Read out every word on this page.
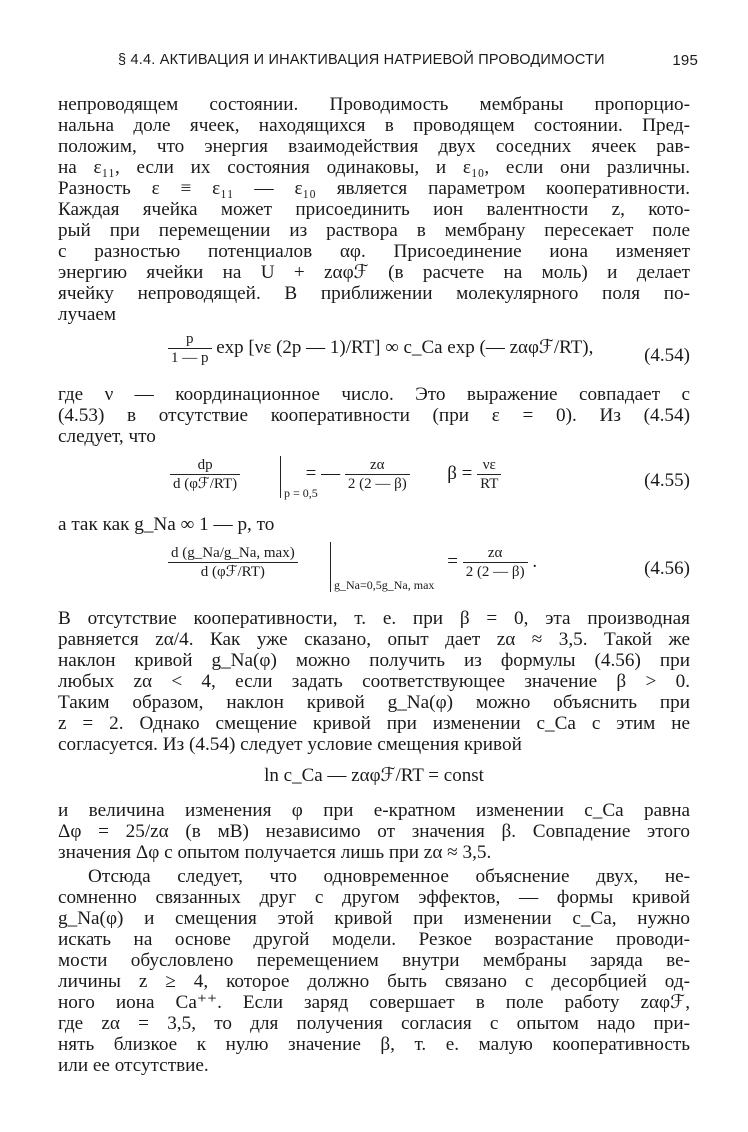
§ 4.4. АКТИВАЦИЯ И ИНАКТИВАЦИЯ НАТРИЕВОЙ ПРОВОДИМОСТИ	195
непроводящем состоянии. Проводимость мембраны пропорцио-
нальна доле ячеек, находящихся в проводящем состоянии. Пред-
положим, что энергия взаимодействия двух соседних ячеек рав-
на ε₁₁, если их состояния одинаковы, и ε₁₀, если они различны.
Разность ε ≡ ε₁₁ — ε₁₀ является параметром кооперативности.
Каждая ячейка может присоединить ион валентности z, кото-
рый при перемещении из раствора в мембрану пересекает поле
с разностью потенциалов αφ. Присоединение иона изменяет
энергию ячейки на U + zαφℱ (в расчете на моль) и делает
ячейку непроводящей. В приближении молекулярного поля по-
лучаем
$\frac{p}{1 — p}$ exp [νε (2p — 1)/RT] ∞ c_Ca exp (— zαφℱ/RT),	(4.54)
где ν — координационное число. Это выражение совпадает с
(4.53) в отсутствие кооперативности (при ε = 0). Из (4.54)
следует, что
$\frac{dp}{\text{d (φℱ/RT)}}$	= — $\frac{z\alpha}{2 (2 — \beta)}$ $\beta = \frac{\nu\varepsilon}{RT}$
p = 0,5
(4.55)
а так как g_Na ∞ 1 — p, то
$\frac{d (g\_Na/g\_Na, \max)}{\text{d (φℱ/RT)}}$	= $\frac{z\alpha}{2 (2 — \beta)}$ .
g_Na=0,5g_Na, max
(4.56)
В отсутствие кооперативности, т. е. при β = 0, эта производная
равняется zα/4. Как уже сказано, опыт дает zα ≈ 3,5. Такой же
наклон кривой g_Na(φ) можно получить из формулы (4.56) при
любых zα < 4, если задать соответствующее значение β > 0.
Таким образом, наклон кривой g_Na(φ) можно объяснить при
z = 2. Однако смещение кривой при изменении c_Ca с этим не
согласуется. Из (4.54) следует условие смещения кривой
ln c_Ca — zαφℱ/RT = const
и величина изменения φ при e-кратном изменении c_Ca равна
Δφ = 25/zα (в мВ) независимо от значения β. Совпадение этого
значения Δφ с опытом получается лишь при zα ≈ 3,5.
Отсюда следует, что одновременное объяснение двух, не-
сомненно связанных друг с другом эффектов, — формы кривой
g_Na(φ) и смещения этой кривой при изменении c_Ca, нужно
искать на основе другой модели. Резкое возрастание проводи-
мости обусловлено перемещением внутри мембраны заряда ве-
личины z ≥ 4, которое должно быть связано с десорбцией од-
ного иона Ca⁺⁺. Если заряд совершает в поле работу zαφℱ,
где zα = 3,5, то для получения согласия с опытом надо при-
нять близкое к нулю значение β, т. е. малую кооперативность
или ее отсутствие.
